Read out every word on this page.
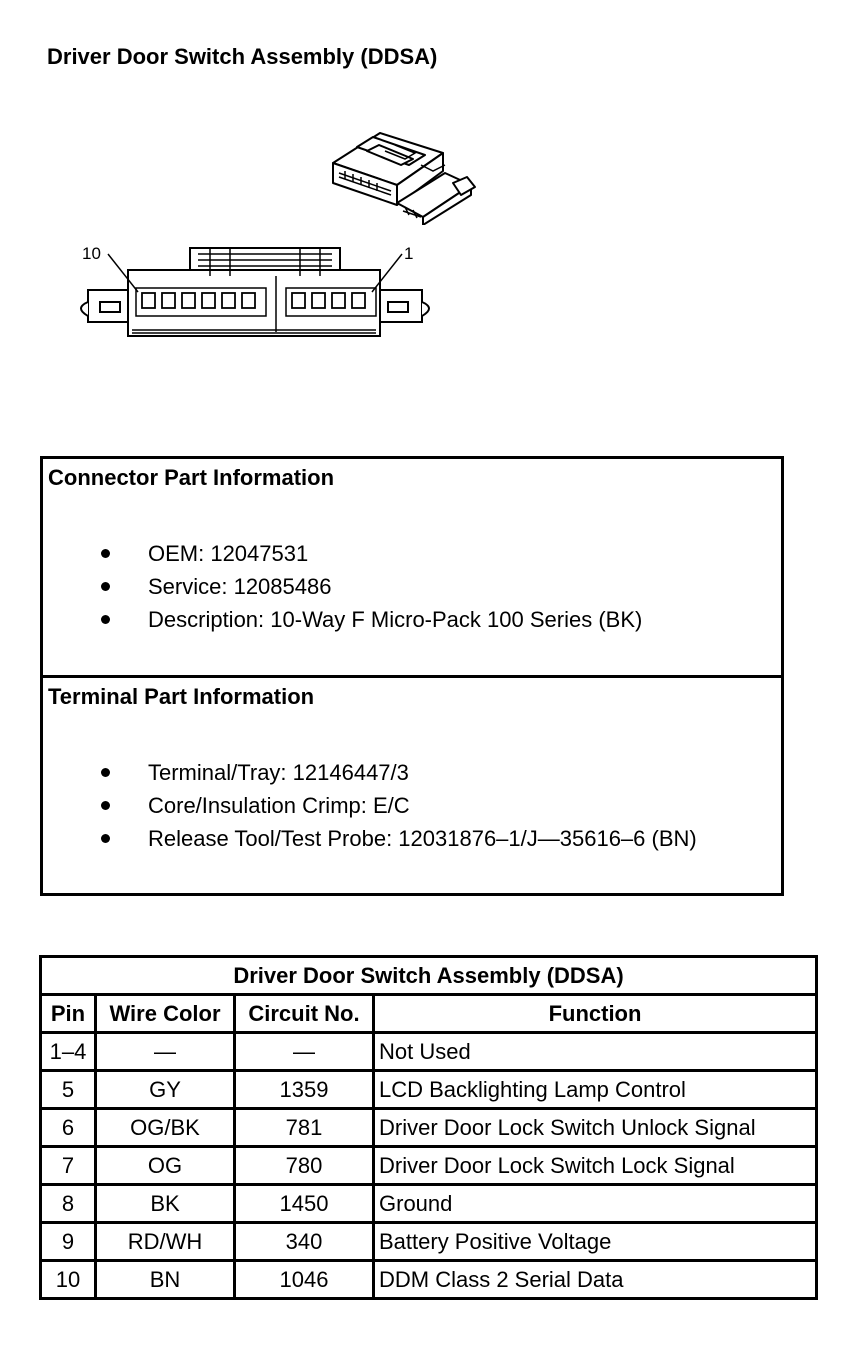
Driver Door Switch Assembly (DDSA)
10	1
Connector Part Information
OEM: 12047531
Service: 12085486
Description: 10-Way F Micro-Pack 100 Series (BK)
Terminal Part Information
Terminal/Tray: 12146447/3
Core/Insulation Crimp: E/C
Release Tool/Test Probe: 12031876–1/J—35616–6 (BN)
Driver Door Switch Assembly (DDSA)			
Pin	Wire Color	Circuit No.	Function
1–4	—	—	Not Used
5	GY	1359	LCD Backlighting Lamp Control
6	OG/BK	781	Driver Door Lock Switch Unlock Signal
7	OG	780	Driver Door Lock Switch Lock Signal
8	BK	1450	Ground
9	RD/WH	340	Battery Positive Voltage
10	BN	1046	DDM Class 2 Serial Data
